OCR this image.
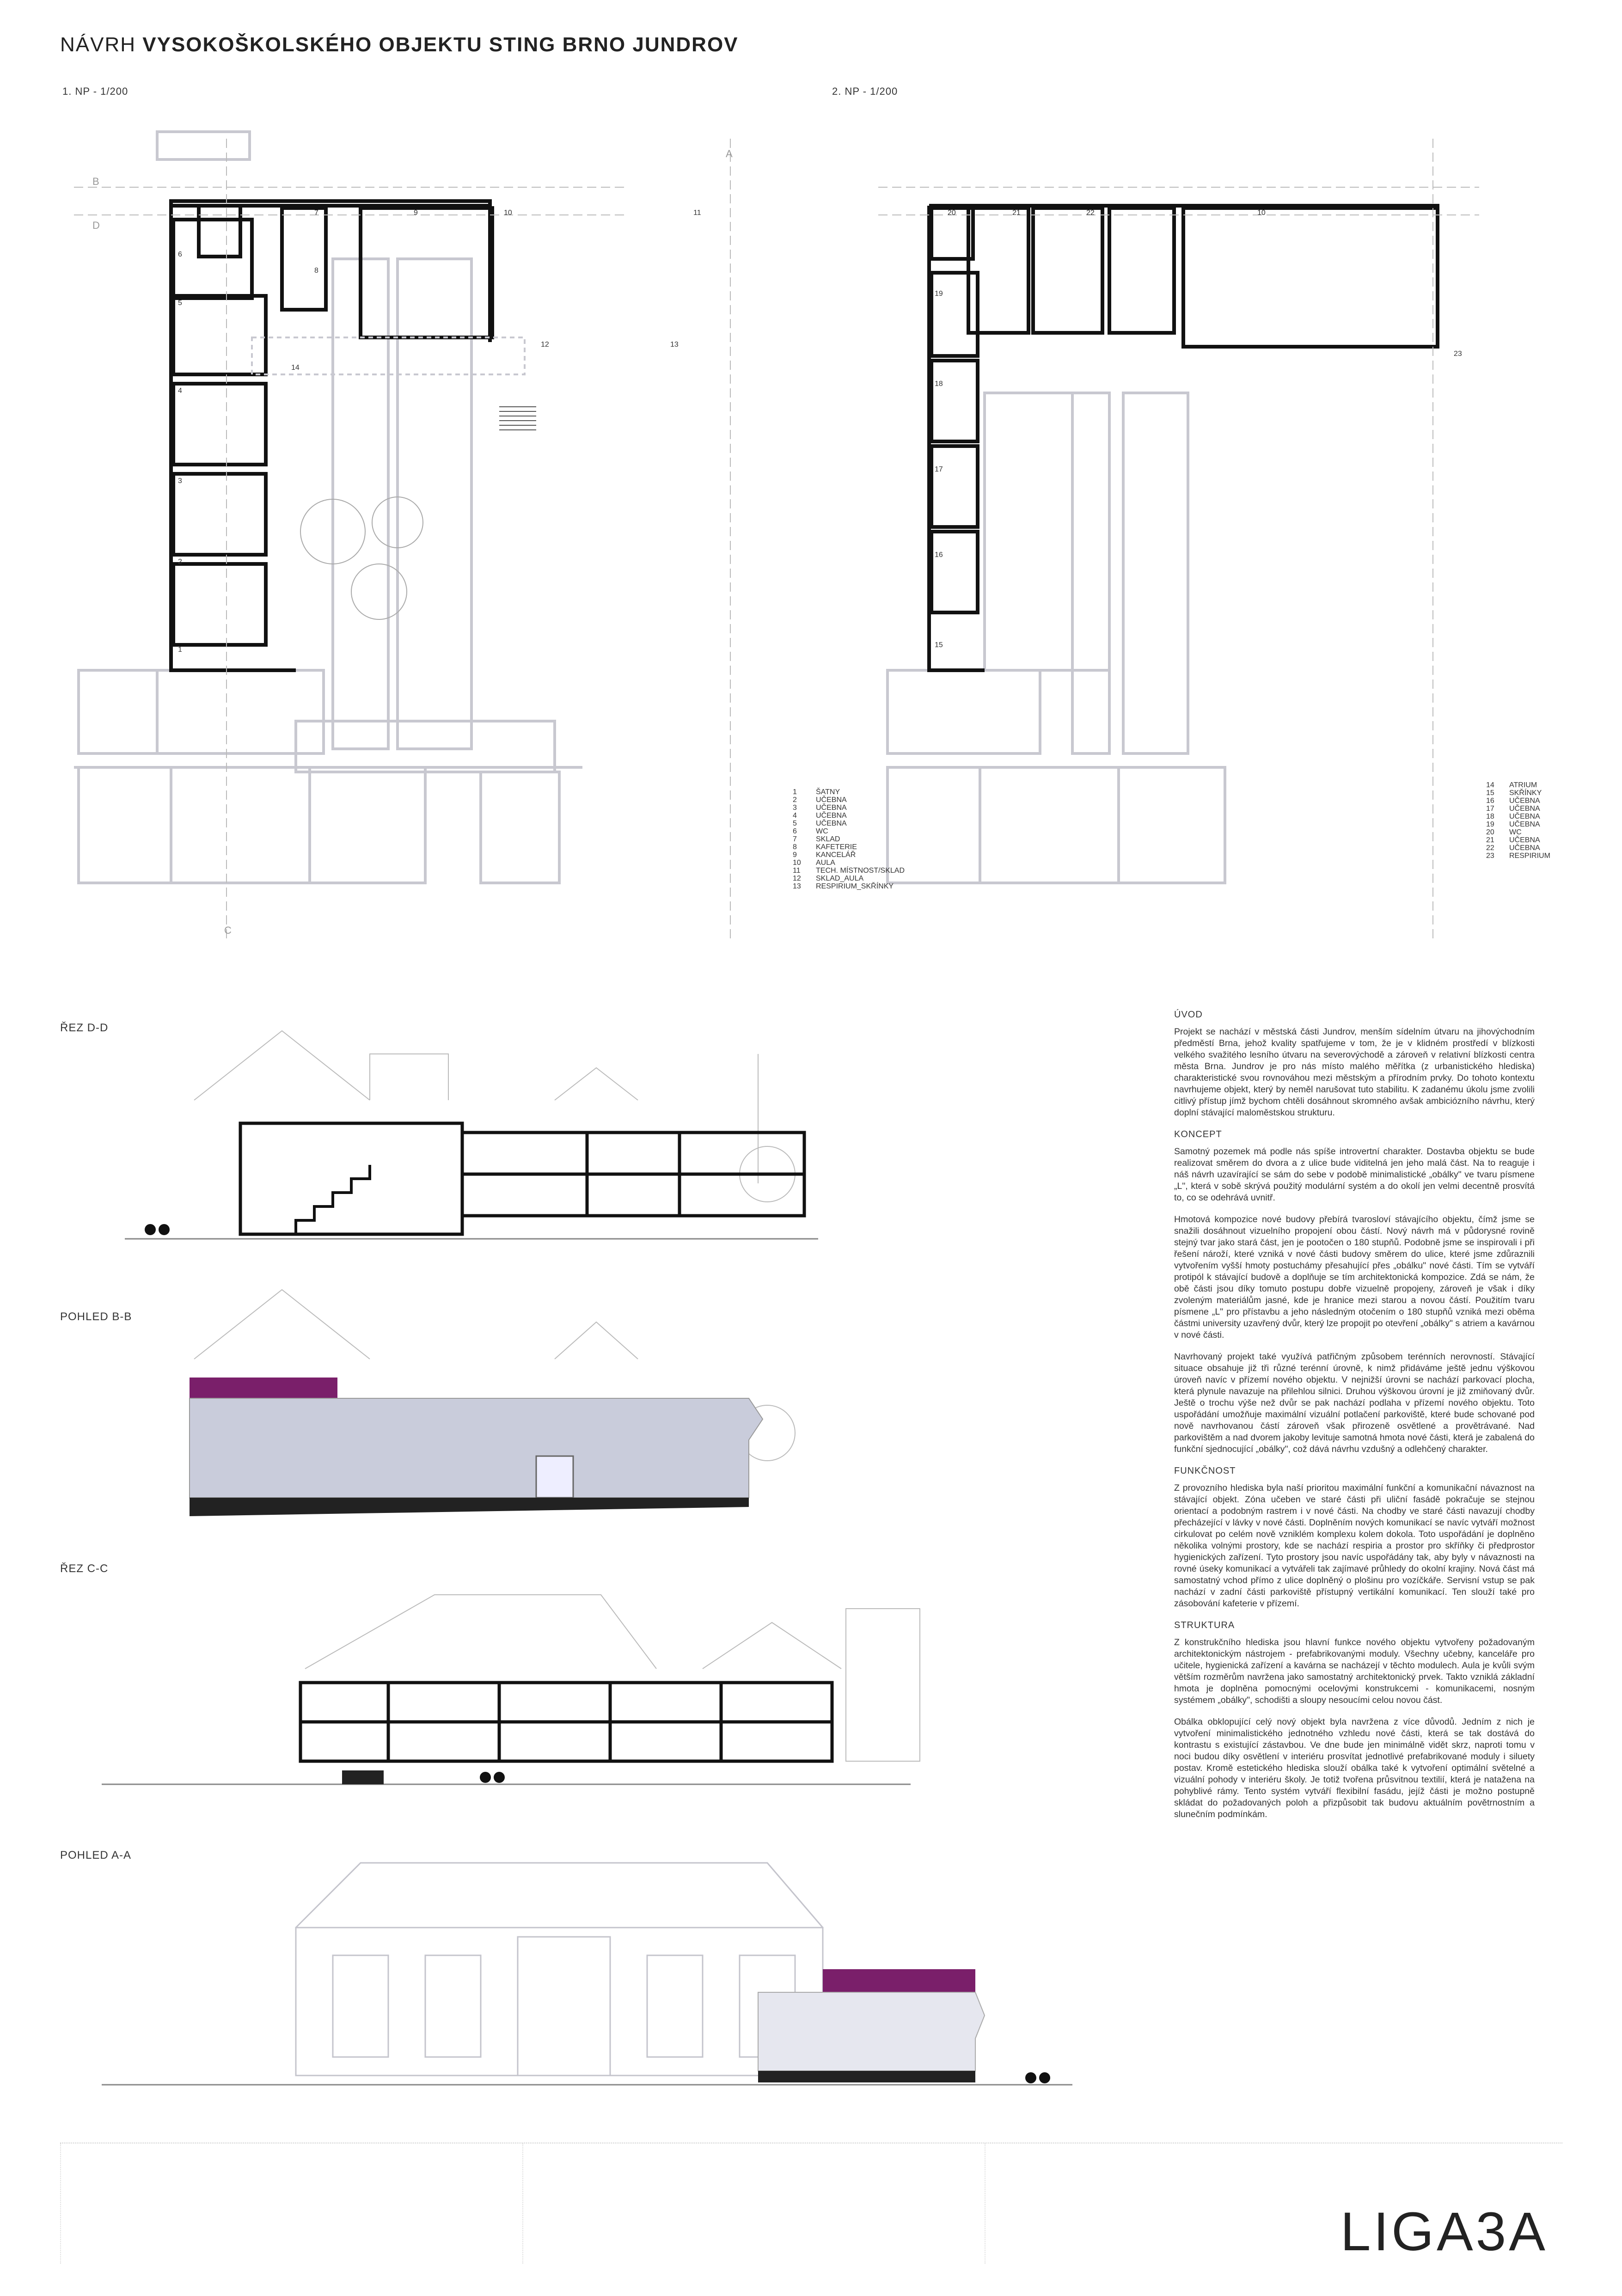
NÁVRH VYSOKOŠKOLSKÉHO OBJEKTU STING BRNO JUNDROV
1. NP - 1/200	2. NP - 1/200
B
D
A
C
1
2
3
4
5
6
7
8
9	10	11
12	13
14
15
16
17
18
19
20	21	22
23
10
1	ŠATNY
2	UČEBNA
3	UČEBNA
4	UČEBNA
5	UČEBNA
6	WC
7	SKLAD
8	KAFETERIE
9	KANCELÁŘ
10	AULA
11	TECH. MÍSTNOST/SKLAD
12	SKLAD_AULA
13	RESPIRIUM_SKŘÍNKY
14	ATRIUM
15	SKŘÍNKY
16	UČEBNA
17	UČEBNA
18	UČEBNA
19	UČEBNA
20	WC
21	UČEBNA
22	UČEBNA
23	RESPIRIUM
ŘEZ D-D
POHLED B-B
ŘEZ C-C
POHLED A-A
ÚVOD

Projekt se nachází v městská části Jundrov, menším sídelním útvaru na jihovýchodním předměstí Brna, jehož kvality spatřujeme v tom, že je v klidném prostředí v blízkosti velkého svažitého lesního útvaru na severovýchodě a zároveň v relativní blízkosti centra města Brna. Jundrov je pro nás místo malého měřítka (z urbanistického hlediska) charakteristické svou rovnováhou mezi městským a přírodním prvky. Do tohoto kontextu navrhujeme objekt, který by neměl narušovat tuto stabilitu. K zadanému úkolu jsme zvolili citlivý přístup jímž bychom chtěli dosáhnout skromného avšak ambiciózního návrhu, který doplní stávající maloměstskou strukturu.

KONCEPT

Samotný pozemek má podle nás spíše introvertní charakter. Dostavba objektu se bude realizovat směrem do dvora a z ulice bude viditelná jen jeho malá část. Na to reaguje i náš návrh uzavírající se sám do sebe v podobě minimalistické „obálky" ve tvaru písmene „L", která v sobě skrývá použitý modulární systém a do okolí jen velmi decentně prosvítá to, co se odehrává uvnitř.

Hmotová kompozice nové budovy přebírá tvarosloví stávajícího objektu, čímž jsme se snažili dosáhnout vizuelního propojení obou částí. Nový návrh má v půdorysné rovině stejný tvar jako stará část, jen je pootočen o 180 stupňů. Podobně jsme se inspirovali i při řešení nároží, které vzniká v nové části budovy směrem do ulice, které jsme zdůraznili vytvořením vyšší hmoty postuchámy přesahující přes „obálku" nové části. Tím se vytváří protipól k stávající budově a doplňuje se tím architektonická kompozice. Zdá se nám, že obě části jsou díky tomuto postupu dobře vizuelně propojeny, zároveň je však i díky zvoleným materiálům jasné, kde je hranice mezi starou a novou částí. Použitím tvaru písmene „L" pro přístavbu a jeho následným otočením o 180 stupňů vzniká mezi oběma částmi university uzavřený dvůr, který lze propojit po otevření „obálky" s atriem a kavárnou v nové části.

Navrhovaný projekt také využívá patřičným způsobem terénních nerovností. Stávající situace obsahuje již tři různé terénní úrovně, k nimž přidáváme ještě jednu výškovou úroveň navíc v přízemí nového objektu. V nejnižší úrovni se nachází parkovací plocha, která plynule navazuje na přilehlou silnici. Druhou výškovou úrovní je již zmiňovaný dvůr. Ještě o trochu výše než dvůr se pak nachází podlaha v přízemí nového objektu. Toto uspořádání umožňuje maximální vizuální potlačení parkoviště, které bude schované pod nově navrhovanou částí zároveň však přirozeně osvětlené a provětrávané. Nad parkovištěm a nad dvorem jakoby levituje samotná hmota nové části, která je zabalená do funkční sjednocující „obálky", což dává návrhu vzdušný a odlehčený charakter.

FUNKČNOST

Z provozního hlediska byla naší prioritou maximální funkční a komunikační návaznost na stávající objekt. Zóna učeben ve staré části při uliční fasádě pokračuje se stejnou orientací a podobným rastrem i v nové části. Na chodby ve staré části navazují chodby přecházející v lávky v nové části. Doplněním nových komunikací se navíc vytváří možnost cirkulovat po celém nově vzniklém komplexu kolem dokola. Toto uspořádání je doplněno několika volnými prostory, kde se nachází respiria a prostor pro skříňky či předprostor hygienických zařízení. Tyto prostory jsou navíc uspořádány tak, aby byly v návaznosti na rovné úseky komunikací a vytvářeli tak zajímavé průhledy do okolní krajiny. Nová část má samostatný vchod přímo z ulice doplněný o plošinu pro vozíčkáře. Servisní vstup se pak nachází v zadní části parkoviště přístupný vertikální komunikací. Ten slouží také pro zásobování kafeterie v přízemí.

STRUKTURA

Z konstrukčního hlediska jsou hlavní funkce nového objektu vytvořeny požadovaným architektonickým nástrojem - prefabrikovanými moduly. Všechny učebny, kanceláře pro učitele, hygienická zařízení a kavárna se nacházejí v těchto modulech. Aula je kvůli svým větším rozměrům navržena jako samostatný architektonický prvek. Takto vzniklá základní hmota je doplněna pomocnými ocelovými konstrukcemi - komunikacemi, nosným systémem „obálky", schodišti a sloupy nesoucími celou novou část.

Obálka obklopující celý nový objekt byla navržena z více důvodů. Jedním z nich je vytvoření minimalistického jednotného vzhledu nové části, která se tak dostává do kontrastu s existující zástavbou. Ve dne bude jen minimálně vidět skrz, naproti tomu v noci budou díky osvětlení v interiéru prosvítat jednotlivé prefabrikované moduly i siluety postav. Kromě estetického hlediska slouží obálka také k vytvoření optimální světelné a vizuální pohody v interiéru školy. Je totiž tvořena průsvitnou textilií, která je natažena na pohyblivé rámy. Tento systém vytváří flexibilní fasádu, jejíž části je možno postupně skládat do požadovaných poloh a přizpůsobit tak budovu aktuálním povětrnostním a slunečním podmínkám.

LIGA3A
